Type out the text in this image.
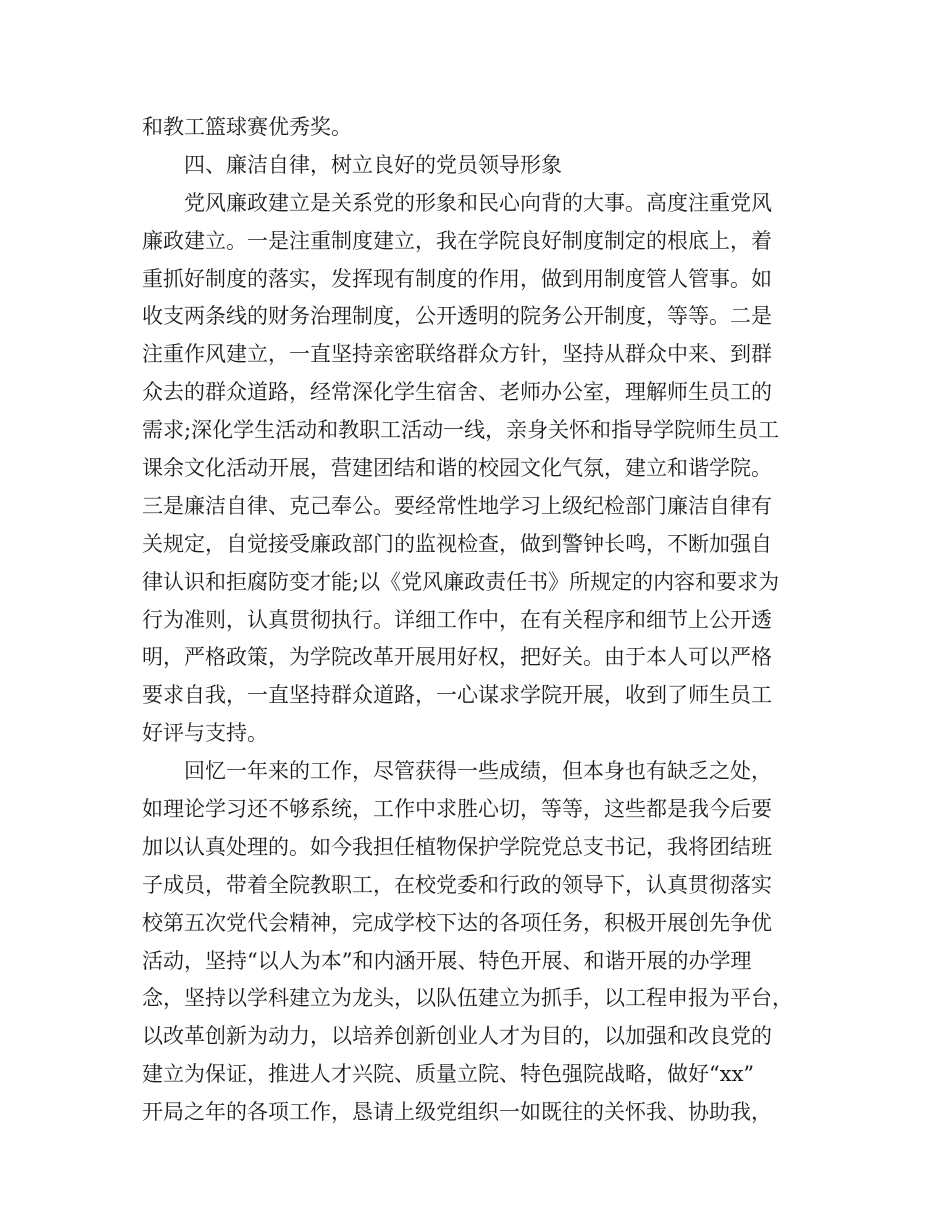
和教工篮球赛优秀奖。
四、廉洁自律，树立良好的党员领导形象
党风廉政建立是关系党的形象和民心向背的大事。高度注重党风
廉政建立。一是注重制度建立，我在学院良好制度制定的根底上，着
重抓好制度的落实，发挥现有制度的作用，做到用制度管人管事。如
收支两条线的财务治理制度，公开透明的院务公开制度，等等。二是
注重作风建立，一直坚持亲密联络群众方针，坚持从群众中来、到群
众去的群众道路，经常深化学生宿舍、老师办公室，理解师生员工的
需求;深化学生活动和教职工活动一线，亲身关怀和指导学院师生员工
课余文化活动开展，营建团结和谐的校园文化气氛，建立和谐学院。
三是廉洁自律、克己奉公。要经常性地学习上级纪检部门廉洁自律有
关规定，自觉接受廉政部门的监视检查，做到警钟长鸣，不断加强自
律认识和拒腐防变才能;以《党风廉政责任书》所规定的内容和要求为
行为准则，认真贯彻执行。详细工作中，在有关程序和细节上公开透
明，严格政策，为学院改革开展用好权，把好关。由于本人可以严格
要求自我，一直坚持群众道路，一心谋求学院开展，收到了师生员工
好评与支持。
回忆一年来的工作，尽管获得一些成绩，但本身也有缺乏之处，
如理论学习还不够系统，工作中求胜心切，等等，这些都是我今后要
加以认真处理的。如今我担任植物保护学院党总支书记，我将团结班
子成员，带着全院教职工，在校党委和行政的领导下，认真贯彻落实
校第五次党代会精神，完成学校下达的各项任务，积极开展创先争优
活动，坚持“以人为本”和内涵开展、特色开展、和谐开展的办学理
念，坚持以学科建立为龙头，以队伍建立为抓手，以工程申报为平台，
以改革创新为动力，以培养创新创业人才为目的，以加强和改良党的
建立为保证，推进人才兴院、质量立院、特色强院战略，做好“xx”
开局之年的各项工作，恳请上级党组织一如既往的关怀我、协助我，
